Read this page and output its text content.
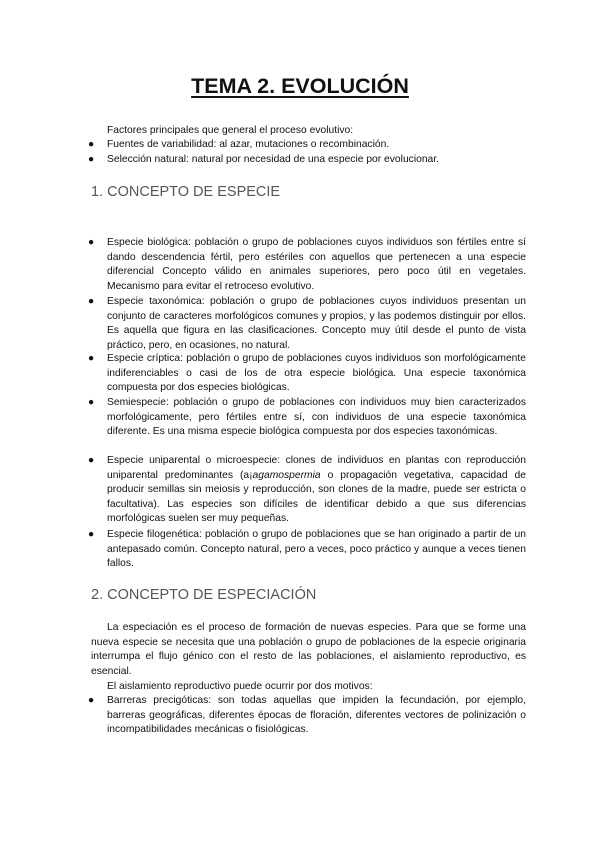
TEMA 2. EVOLUCIÓN
Factores principales que general el proceso evolutivo:
● Fuentes de variabilidad: al azar, mutaciones o recombinación.
● Selección natural: natural por necesidad de una especie por evolucionar.
1. CONCEPTO DE ESPECIE
● Especie biológica: población o grupo de poblaciones cuyos individuos son fértiles entre sí dando descendencia fértil, pero estériles con aquellos que pertenecen a una especie diferencial Concepto válido en animales superiores, pero poco útil en vegetales. Mecanismo para evitar el retroceso evolutivo.
● Especie taxonómica: población o grupo de poblaciones cuyos individuos presentan un conjunto de caracteres morfológicos comunes y propios, y las podemos distinguir por ellos. Es aquella que figura en las clasificaciones. Concepto muy útil desde el punto de vista práctico, pero, en ocasiones, no natural.
● Especie críptica: población o grupo de poblaciones cuyos individuos son morfológicamente indiferenciables o casi de los de otra especie biológica. Una especie taxonómica compuesta por dos especies biológicas.
● Semiespecie: población o grupo de poblaciones con individuos muy bien caracterizados morfológicamente, pero fértiles entre sí, con individuos de una especie taxonómica diferente. Es una misma especie biológica compuesta por dos especies taxonómicas.
● Especie uniparental o microespecie: clones de individuos en plantas con reproducción uniparental predominantes (a¡agamospermia o propagación vegetativa, capacidad de producir semillas sin meiosis y reproducción, son clones de la madre, puede ser estricta o facultativa). Las especies son difíciles de identificar debido a que sus diferencias morfológicas suelen ser muy pequeñas.
● Especie filogenética: población o grupo de poblaciones que se han originado a partir de un antepasado común. Concepto natural, pero a veces, poco práctico y aunque a veces tienen fallos.
2. CONCEPTO DE ESPECIACIÓN
La especiación es el proceso de formación de nuevas especies. Para que se forme una nueva especie se necesita que una población o grupo de poblaciones de la especie originaria interrumpa el flujo génico con el resto de las poblaciones, el aislamiento reproductivo, es esencial.
El aislamiento reproductivo puede ocurrir por dos motivos:
● Barreras precigóticas: son todas aquellas que impiden la fecundación, por ejemplo, barreras geográficas, diferentes épocas de floración, diferentes vectores de polinización o incompatibilidades mecánicas o fisiológicas.
